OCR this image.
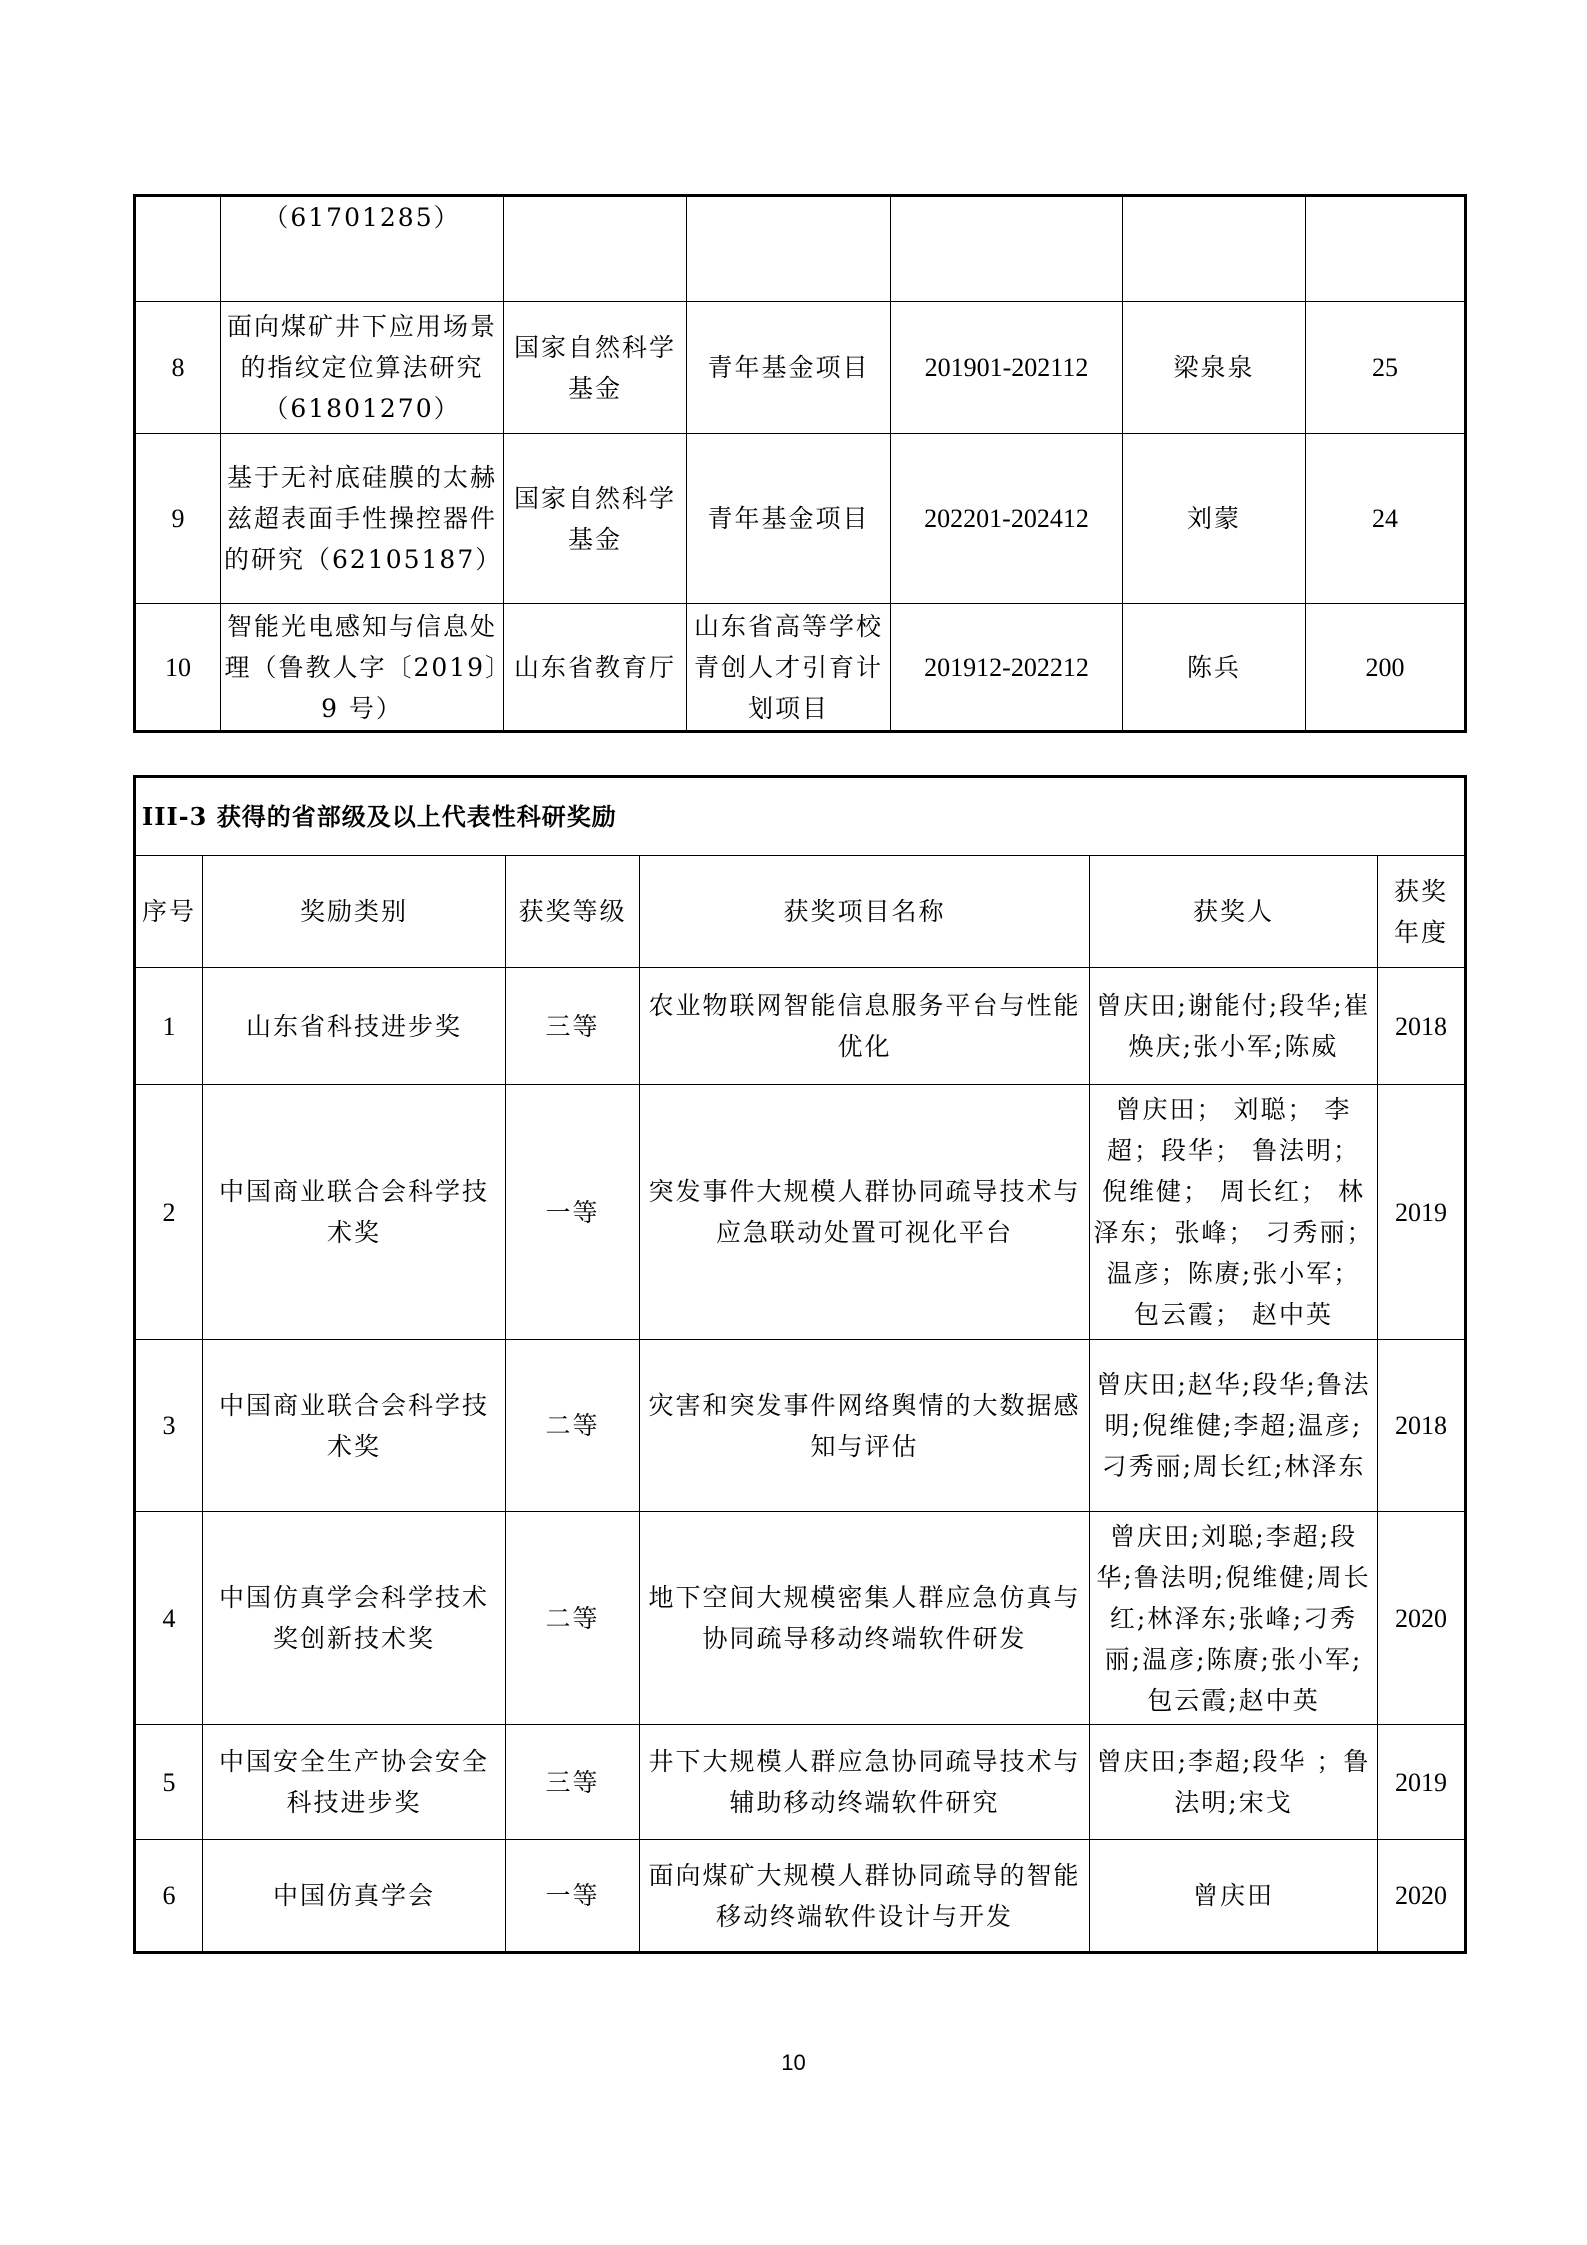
	（61701285）					
8	面向煤矿井下应用场景的指纹定位算法研究（61801270）	国家自然科学基金	青年基金项目	201901-202112	梁泉泉	25
9	基于无衬底硅膜的太赫兹超表面手性操控器件的研究（62105187）	国家自然科学基金	青年基金项目	202201-202412	刘蒙	24
10	智能光电感知与信息处理（鲁教人字〔2019〕9 号）	山东省教育厅	山东省高等学校青创人才引育计划项目	201912-202212	陈兵	200
III-3 获得的省部级及以上代表性科研奖励					
序号	奖励类别	获奖等级	获奖项目名称	获奖人	获奖年度
1	山东省科技进步奖	三等	农业物联网智能信息服务平台与性能优化	曾庆田;谢能付;段华;崔焕庆;张小军;陈威	2018
2	中国商业联合会科学技术奖	一等	突发事件大规模人群协同疏导技术与应急联动处置可视化平台	曾庆田； 刘聪； 李超；段华； 鲁法明； 倪维健； 周长红； 林泽东；张峰； 刁秀丽； 温彦；陈赓;张小军； 包云霞； 赵中英	2019
3	中国商业联合会科学技术奖	二等	灾害和突发事件网络舆情的大数据感知与评估	曾庆田;赵华;段华;鲁法明;倪维健;李超;温彦;刁秀丽;周长红;林泽东	2018
4	中国仿真学会科学技术奖创新技术奖	二等	地下空间大规模密集人群应急仿真与协同疏导移动终端软件研发	曾庆田;刘聪;李超;段华;鲁法明;倪维健;周长红;林泽东;张峰;刁秀丽;温彦;陈赓;张小军;包云霞;赵中英	2020
5	中国安全生产协会安全科技进步奖	三等	井下大规模人群应急协同疏导技术与辅助移动终端软件研究	曾庆田;李超;段华 ；鲁法明;宋戈	2019
6	中国仿真学会	一等	面向煤矿大规模人群协同疏导的智能移动终端软件设计与开发	曾庆田	2020
10
